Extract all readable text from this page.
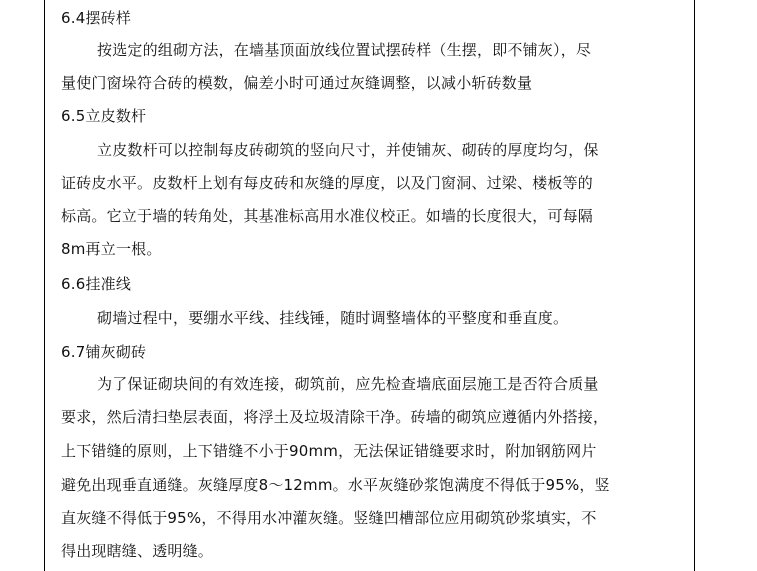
6.4摆砖样
按选定的组砌方法，在墙基顶面放线位置试摆砖样（生摆，即不铺灰），尽
量使门窗垛符合砖的模数，偏差小时可通过灰缝调整，以减小斩砖数量
6.5立皮数杆
立皮数杆可以控制每皮砖砌筑的竖向尺寸，并使铺灰、砌砖的厚度均匀，保
证砖皮水平。皮数杆上划有每皮砖和灰缝的厚度，以及门窗洞、过梁、楼板等的
标高。它立于墙的转角处，其基准标高用水准仪校正。如墙的长度很大，可每隔
8m再立一根。
6.6挂准线
砌墙过程中，要绷水平线、挂线锤，随时调整墙体的平整度和垂直度。
6.7铺灰砌砖
为了保证砌块间的有效连接，砌筑前，应先检查墙底面层施工是否符合质量
要求，然后清扫垫层表面，将浮土及垃圾清除干净。砖墙的砌筑应遵循内外搭接，
上下错缝的原则，上下错缝不小于90mm，无法保证错缝要求时，附加钢筋网片
避免出现垂直通缝。灰缝厚度8～12mm。水平灰缝砂浆饱满度不得低于95%，竖
直灰缝不得低于95%，不得用水冲灌灰缝。竖缝凹槽部位应用砌筑砂浆填实，不
得出现瞎缝、透明缝。
